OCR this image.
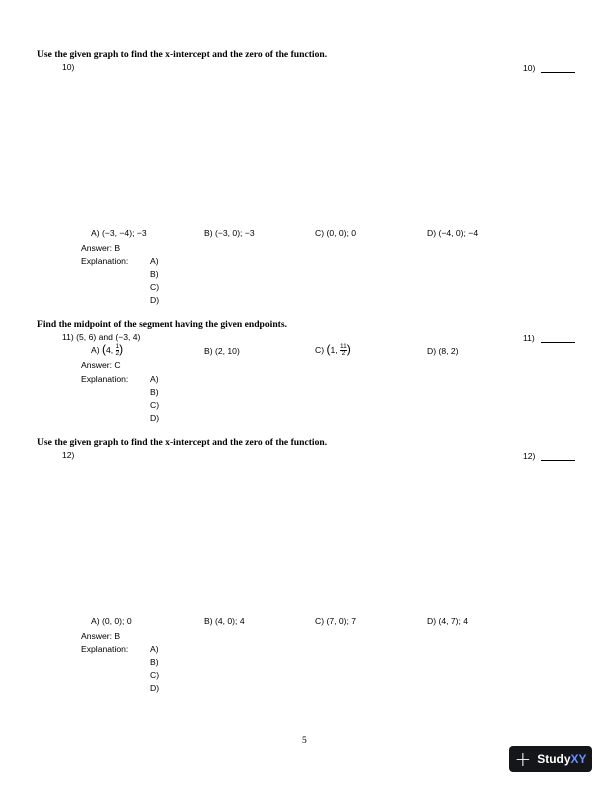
Use the given graph to find the x-intercept and the zero of the function.
10)	10)
A) (−3, −4); −3	B) (−3, 0); −3	C) (0, 0); 0	D) (−4, 0); −4
Answer: B
Explanation:	A)
B)
C)
D)
Find the midpoint of the segment having the given endpoints.
11) (5, 6) and (−3, 4)	11)
A) (4, $\frac{1}{2}$ )	B) (2, 10)	C) (1, $\frac{11}{2}$ )	D) (8, 2)
Answer: C
Explanation:	A)
B)
C)
D)
Use the given graph to find the x-intercept and the zero of the function.
12)	12)
A) (0, 0); 0	B) (4, 0); 4	C) (7, 0); 7	D) (4, 7); 4
Answer: B
Explanation:	A)
B)
C)
D)
5
+ StudyXY
